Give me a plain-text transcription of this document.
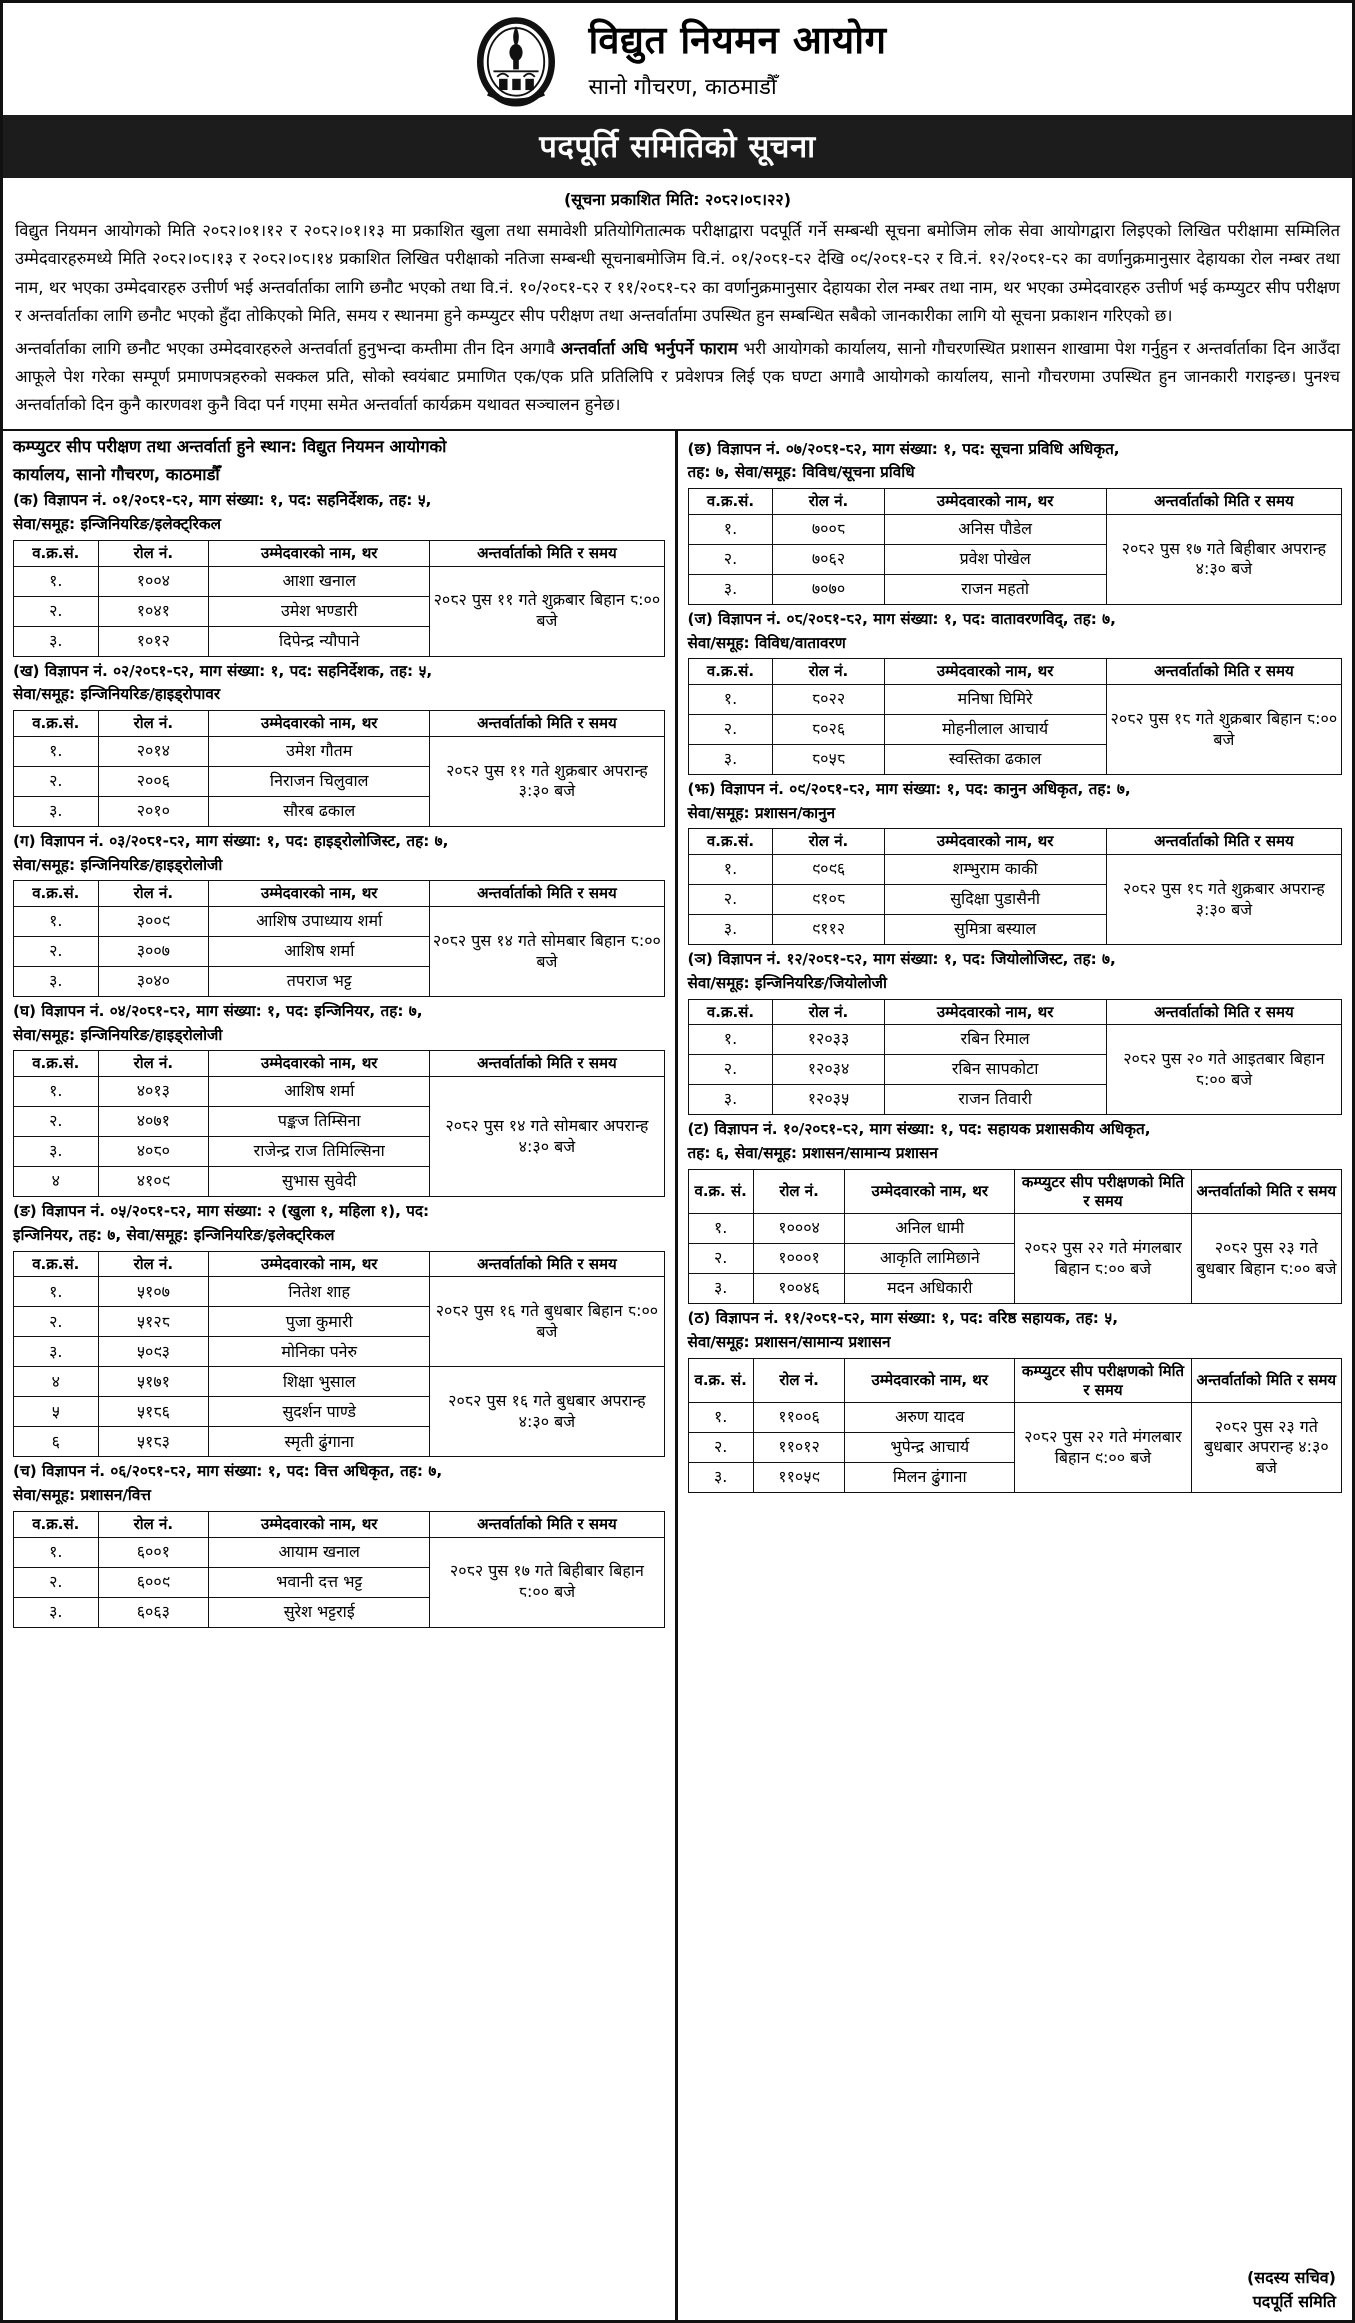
विद्युत नियमन आयोग
सानो गौचरण, काठमाडौँ
पदपूर्ति समितिको सूचना
(सूचना प्रकाशित मिति: २०८२।०८।२२)

विद्युत नियमन आयोगको मिति २०८२।०१।१२ र २०८२।०१।१३ मा प्रकाशित खुला तथा समावेशी प्रतियोगितात्मक परीक्षाद्वारा पदपूर्ति गर्ने सम्बन्धी सूचना बमोजिम लोक सेवा आयोगद्वारा लिइएको लिखित परीक्षामा सम्मिलित उम्मेदवारहरुमध्ये मिति २०८२।०८।१३ र २०८२।०८।१४ प्रकाशित लिखित परीक्षाको नतिजा सम्बन्धी सूचनाबमोजिम वि.नं. ०१/२०८१-८२ देखि ०९/२०८१-८२ र वि.नं. १२/२०८१-८२ का वर्णानुक्रमानुसार देहायका रोल नम्बर तथा नाम, थर भएका उम्मेदवारहरु उत्तीर्ण भई अन्तर्वार्ताका लागि छनौट भएको तथा वि.नं. १०/२०८१-८२ र ११/२०८१-८२ का वर्णानुक्रमानुसार देहायका रोल नम्बर तथा नाम, थर भएका उम्मेदवारहरु उत्तीर्ण भई कम्प्युटर सीप परीक्षण र अन्तर्वार्ताका लागि छनौट भएको हुँदा तोकिएको मिति, समय र स्थानमा हुने कम्प्युटर सीप परीक्षण तथा अन्तर्वार्तामा उपस्थित हुन सम्बन्धित सबैको जानकारीका लागि यो सूचना प्रकाशन गरिएको छ।

अन्तर्वार्ताका लागि छनौट भएका उम्मेदवारहरुले अन्तर्वार्ता हुनुभन्दा कम्तीमा तीन दिन अगावै अन्तर्वार्ता अघि भर्नुपर्ने फाराम भरी आयोगको कार्यालय, सानो गौचरणस्थित प्रशासन शाखामा पेश गर्नुहुन र अन्तर्वार्ताका दिन आउँदा आफूले पेश गरेका सम्पूर्ण प्रमाणपत्रहरुको सक्कल प्रति, सोको स्वयंबाट प्रमाणित एक/एक प्रति प्रतिलिपि र प्रवेशपत्र लिई एक घण्टा अगावै आयोगको कार्यालय, सानो गौचरणमा उपस्थित हुन जानकारी गराइन्छ। पुनश्च अन्तर्वार्ताको दिन कुनै कारणवश कुनै विदा पर्न गएमा समेत अन्तर्वार्ता कार्यक्रम यथावत सञ्चालन हुनेछ।

कम्प्युटर सीप परीक्षण तथा अन्तर्वार्ता हुने स्थान: विद्युत नियमन आयोगको
कार्यालय, सानो गौचरण, काठमाडौँ
(क) विज्ञापन नं. ०१/२०८१-८२, माग संख्या: १, पद: सहनिर्देशक, तह: ५,
सेवा/समूह: इन्जिनियरिङ/इलेक्ट्रिकल
व.क्र.सं.	रोल नं.	उम्मेदवारको नाम, थर	अन्तर्वार्ताको मिति र समय
१.	१००४	आशा खनाल	२०८२ पुस ११ गते शुक्रबार बिहान ८:०० बजे
२.	१०४१	उमेश भण्डारी	
३.	१०१२	दिपेन्द्र न्यौपाने	
(ख) विज्ञापन नं. ०२/२०८१-८२, माग संख्या: १, पद: सहनिर्देशक, तह: ५,
सेवा/समूह: इन्जिनियरिङ/हाइड्रोपावर
व.क्र.सं.	रोल नं.	उम्मेदवारको नाम, थर	अन्तर्वार्ताको मिति र समय
१.	२०१४	उमेश गौतम	२०८२ पुस ११ गते शुक्रबार अपरान्ह ३:३० बजे
२.	२००६	निराजन चिलुवाल	
३.	२०१०	सौरब ढकाल	
(ग) विज्ञापन नं. ०३/२०८१-८२, माग संख्या: १, पद: हाइड्रोलोजिस्ट, तह: ७,
सेवा/समूह: इन्जिनियरिङ/हाइड्रोलोजी
व.क्र.सं.	रोल नं.	उम्मेदवारको नाम, थर	अन्तर्वार्ताको मिति र समय
१.	३००९	आशिष उपाध्याय शर्मा	२०८२ पुस १४ गते सोमबार बिहान ८:०० बजे
२.	३००७	आशिष शर्मा	
३.	३०४०	तपराज भट्ट	
(घ) विज्ञापन नं. ०४/२०८१-८२, माग संख्या: १, पद: इन्जिनियर, तह: ७,
सेवा/समूह: इन्जिनियरिङ/हाइड्रोलोजी
व.क्र.सं.	रोल नं.	उम्मेदवारको नाम, थर	अन्तर्वार्ताको मिति र समय
१.	४०१३	आशिष शर्मा	२०८२ पुस १४ गते सोमबार अपरान्ह ४:३० बजे
२.	४०७१	पङ्कज तिम्सिना	
३.	४०८०	राजेन्द्र राज तिमिल्सिना	
४	४१०९	सुभास सुवेदी	
(ङ) विज्ञापन नं. ०५/२०८१-८२, माग संख्या: २ (खुला १, महिला १), पद:
इन्जिनियर, तह: ७, सेवा/समूह: इन्जिनियरिङ/इलेक्ट्रिकल
व.क्र.सं.	रोल नं.	उम्मेदवारको नाम, थर	अन्तर्वार्ताको मिति र समय
१.	५१०७	नितेश शाह	२०८२ पुस १६ गते बुधबार बिहान ८:०० बजे
२.	५१२८	पुजा कुमारी	
३.	५०९३	मोनिका पनेरु	
४	५१७१	शिक्षा भुसाल	२०८२ पुस १६ गते बुधबार अपरान्ह ४:३० बजे
५	५१८६	सुदर्शन पाण्डे	
६	५१८३	स्मृती ढुंगाना	
(च) विज्ञापन नं. ०६/२०८१-८२, माग संख्या: १, पद: वित्त अधिकृत, तह: ७,
सेवा/समूह: प्रशासन/वित्त
व.क्र.सं.	रोल नं.	उम्मेदवारको नाम, थर	अन्तर्वार्ताको मिति र समय
१.	६००१	आयाम खनाल	२०८२ पुस १७ गते बिहीबार बिहान ८:०० बजे
२.	६००९	भवानी दत्त भट्ट	
३.	६०६३	सुरेश भट्टराई	
(छ) विज्ञापन नं. ०७/२०८१-८२, माग संख्या: १, पद: सूचना प्रविधि अधिकृत,
तह: ७, सेवा/समूह: विविध/सूचना प्रविधि
व.क्र.सं.	रोल नं.	उम्मेदवारको नाम, थर	अन्तर्वार्ताको मिति र समय
१.	७००८	अनिस पौडेल	२०८२ पुस १७ गते बिहीबार अपरान्ह ४:३० बजे
२.	७०६२	प्रवेश पोखेल	
३.	७०७०	राजन महतो	
(ज) विज्ञापन नं. ०८/२०८१-८२, माग संख्या: १, पद: वातावरणविद्, तह: ७,
सेवा/समूह: विविध/वातावरण
व.क्र.सं.	रोल नं.	उम्मेदवारको नाम, थर	अन्तर्वार्ताको मिति र समय
१.	८०२२	मनिषा घिमिरे	२०८२ पुस १८ गते शुक्रबार बिहान ८:०० बजे
२.	८०२६	मोहनीलाल आचार्य	
३.	८०५८	स्वस्तिका ढकाल	
(झ) विज्ञापन नं. ०९/२०८१-८२, माग संख्या: १, पद: कानुन अधिकृत, तह: ७,
सेवा/समूह: प्रशासन/कानुन
व.क्र.सं.	रोल नं.	उम्मेदवारको नाम, थर	अन्तर्वार्ताको मिति र समय
१.	९०९६	शम्भुराम काकी	२०८२ पुस १८ गते शुक्रबार अपरान्ह ३:३० बजे
२.	९१०८	सुदिक्षा पुडासैनी	
३.	९११२	सुमित्रा बस्याल	
(ञ) विज्ञापन नं. १२/२०८१-८२, माग संख्या: १, पद: जियोलोजिस्ट, तह: ७,
सेवा/समूह: इन्जिनियरिङ/जियोलोजी
व.क्र.सं.	रोल नं.	उम्मेदवारको नाम, थर	अन्तर्वार्ताको मिति र समय
१.	१२०३३	रबिन रिमाल	२०८२ पुस २० गते आइतबार बिहान ८:०० बजे
२.	१२०३४	रबिन सापकोटा	
३.	१२०३५	राजन तिवारी	
(ट) विज्ञापन नं. १०/२०८१-८२, माग संख्या: १, पद: सहायक प्रशासकीय अधिकृत,
तह: ६, सेवा/समूह: प्रशासन/सामान्य प्रशासन
व.क्र. सं.	रोल नं.	उम्मेदवारको नाम, थर	कम्प्युटर सीप परीक्षणको मिति र समय	अन्तर्वार्ताको मिति र समय
१.	१०००४	अनिल धामी	२०८२ पुस २२ गते मंगलबार बिहान ८:०० बजे	२०८२ पुस २३ गते बुधबार बिहान ८:०० बजे
२.	१०००१	आकृति लामिछाने		
३.	१००४६	मदन अधिकारी		
(ठ) विज्ञापन नं. ११/२०८१-८२, माग संख्या: १, पद: वरिष्ठ सहायक, तह: ५,
सेवा/समूह: प्रशासन/सामान्य प्रशासन
व.क्र. सं.	रोल नं.	उम्मेदवारको नाम, थर	कम्प्युटर सीप परीक्षणको मिति र समय	अन्तर्वार्ताको मिति र समय
१.	११००६	अरुण यादव	२०८२ पुस २२ गते मंगलबार बिहान ९:०० बजे	२०८२ पुस २३ गते बुधबार अपरान्ह ४:३० बजे
२.	११०१२	भुपेन्द्र आचार्य		
३.	११०५९	मिलन ढुंगाना		
(सदस्य सचिव)
पदपूर्ति समिति
